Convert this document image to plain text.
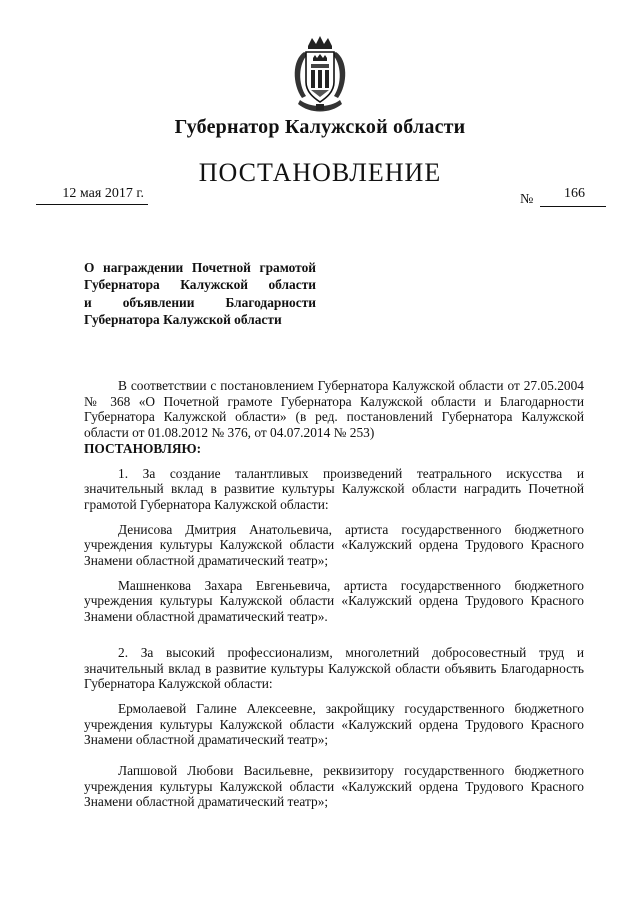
Губернатор Калужской области
ПОСТАНОВЛЕНИЕ
12 мая 2017 г.	№ 166
О награждении Почетной грамотой
Губернатора Калужской области
и объявлении Благодарности
Губернатора Калужской области

В соответствии с постановлением Губернатора Калужской области от 27.05.2004 № 368 «О Почетной грамоте Губернатора Калужской области и Благодарности Губернатора Калужской области» (в ред. постановлений Губернатора Калужской области от 01.08.2012 № 376, от 04.07.2014 № 253)

ПОСТАНОВЛЯЮ:

1. За создание талантливых произведений театрального искусства и значительный вклад в развитие культуры Калужской области наградить Почетной грамотой Губернатора Калужской области:

Денисова Дмитрия Анатольевича, артиста государственного бюджетного учреждения культуры Калужской области «Калужский ордена Трудового Красного Знамени областной драматический театр»;

Машненкова Захара Евгеньевича, артиста государственного бюджетного учреждения культуры Калужской области «Калужский ордена Трудового Красного Знамени областной драматический театр».

2. За высокий профессионализм, многолетний добросовестный труд и значительный вклад в развитие культуры Калужской области объявить Благодарность Губернатора Калужской области:

Ермолаевой Галине Алексеевне, закройщику государственного бюджетного учреждения культуры Калужской области «Калужский ордена Трудового Красного Знамени областной драматический театр»;

Лапшовой Любови Васильевне, реквизитору государственного бюджетного учреждения культуры Калужской области «Калужский ордена Трудового Красного Знамени областной драматический театр»;
